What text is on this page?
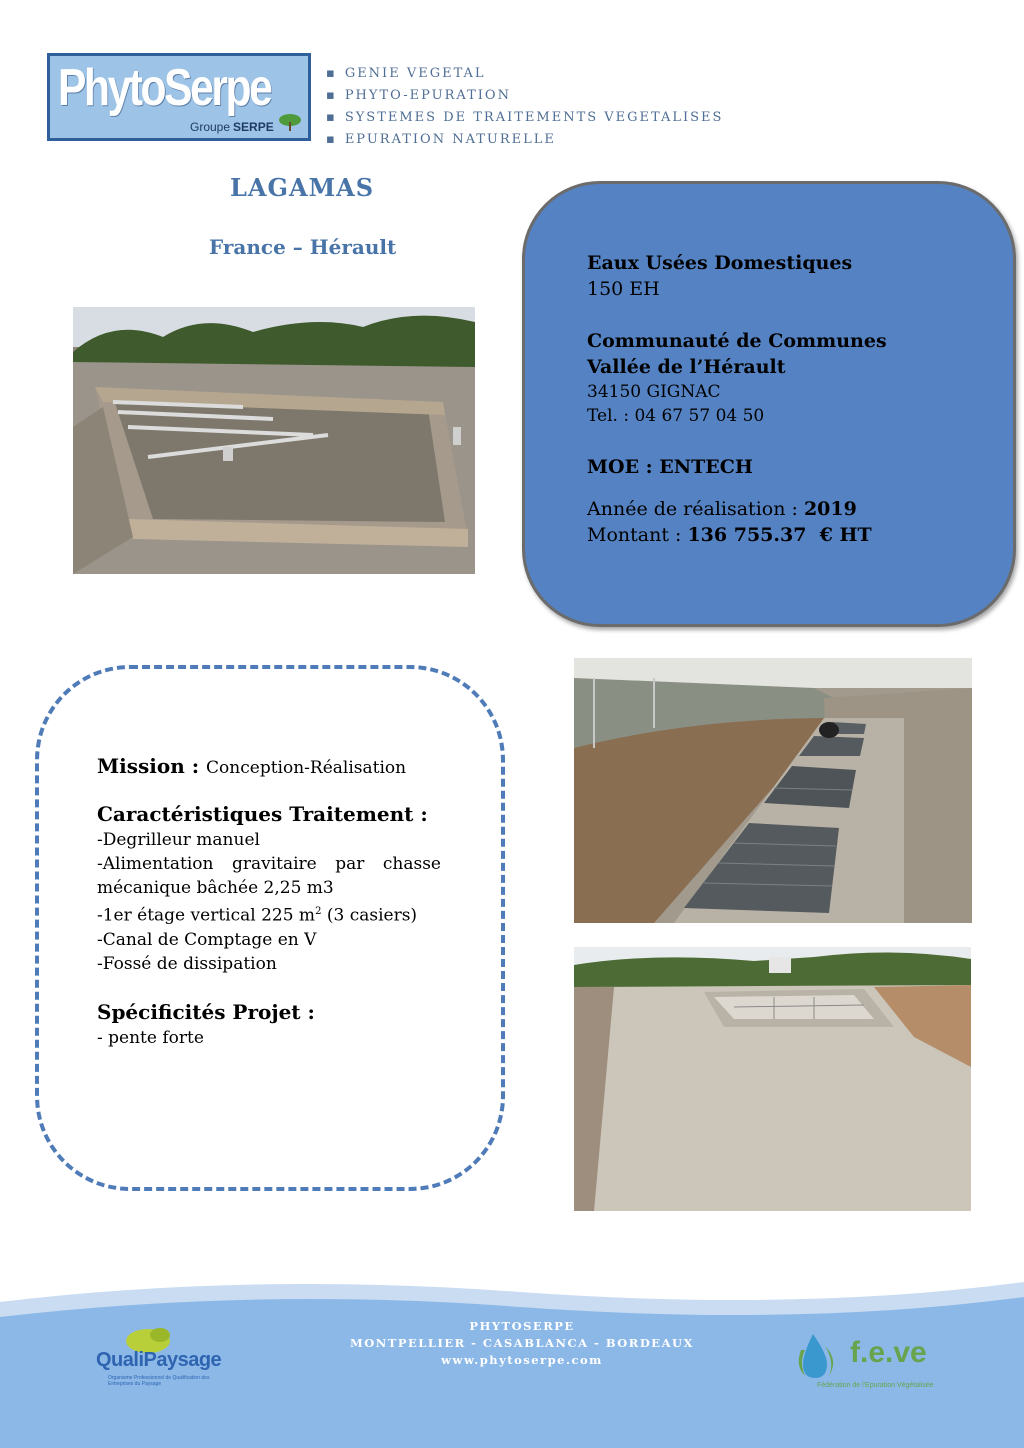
PhytoSerpe
Groupe SERPE
▪ GENIE VEGETAL
▪ PHYTO-EPURATION
▪ SYSTEMES DE TRAITEMENTS VEGETALISES
▪ EPURATION NATURELLE
LAGAMAS
France – Hérault
Eaux Usées Domestiques
150 EH
Communauté de Communes
Vallée de l’Hérault
34150 GIGNAC
Tel. : 04 67 57 04 50
MOE : ENTECH
Année de réalisation : 2019
Montant : 136 755.37  € HT
Mission : Conception-Réalisation
Caractéristiques Traitement :
-Degrilleur manuel
-Alimentation gravitaire par chasse mécanique bâchée 2,25 m3
-1er étage vertical 225 $m^2$ (3 casiers)
-Canal de Comptage en V
-Fossé de dissipation
Spécificités Projet :
- pente forte
PHYTOSERPE
MONTPELLIER - CASABLANCA - BORDEAUX
www.phytoserpe.com
QualiPaysage
Organisme Professionnel de Qualification des Entreprises du Paysage
f.e.ve
Fédération de l'Epuration Végétalisée
